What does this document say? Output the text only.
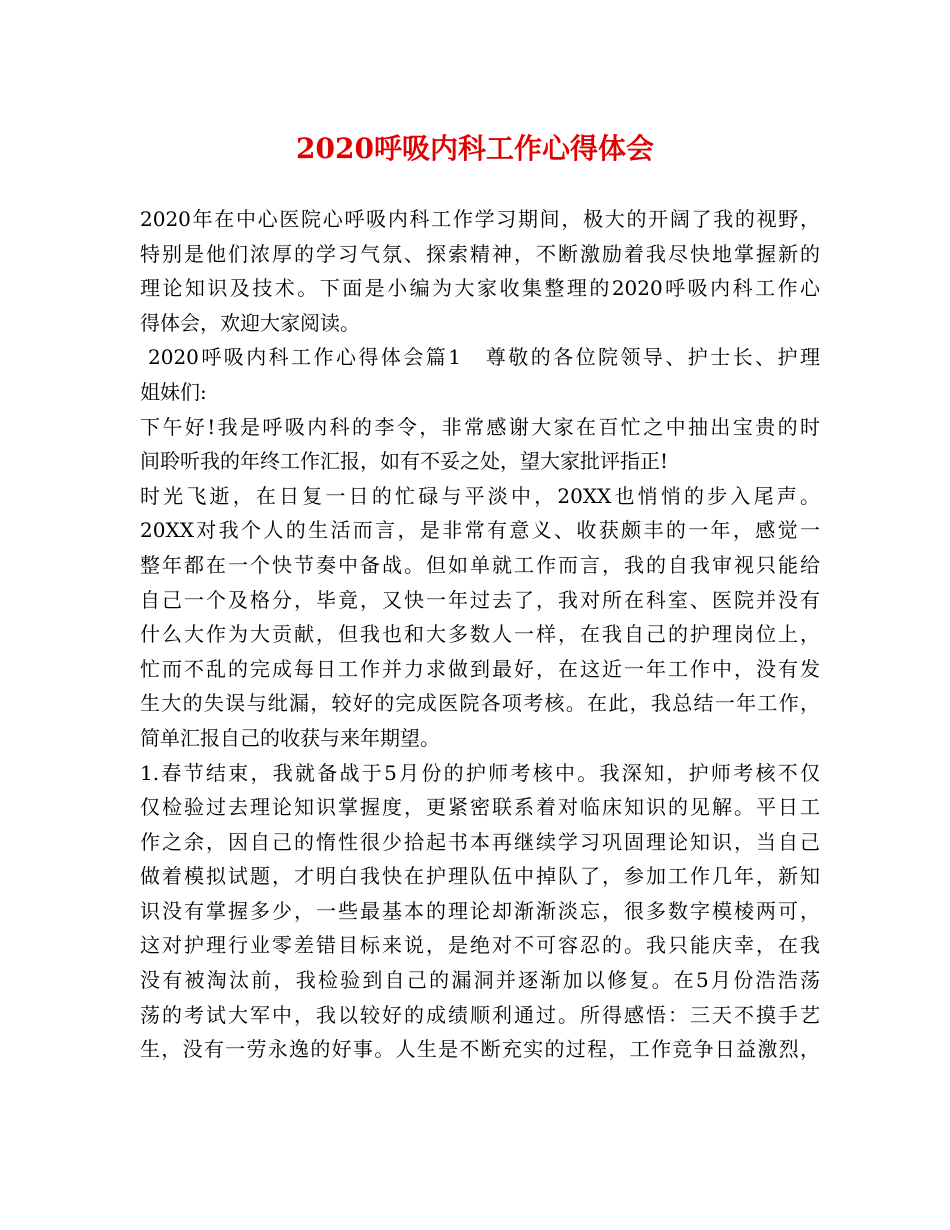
2020呼吸内科工作心得体会
2020年在中心医院心呼吸内科工作学习期间，极大的开阔了我的视野，
特别是他们浓厚的学习气氛、探索精神，不断激励着我尽快地掌握新的
理论知识及技术。下面是小编为大家收集整理的2020呼吸内科工作心
得体会，欢迎大家阅读。
2020呼吸内科工作心得体会篇1　尊敬的各位院领导、护士长、护理
姐妹们:
下午好!我是呼吸内科的李令，非常感谢大家在百忙之中抽出宝贵的时
间聆听我的年终工作汇报，如有不妥之处，望大家批评指正!
时光飞逝，在日复一日的忙碌与平淡中，20XX也悄悄的步入尾声。
20XX对我个人的生活而言，是非常有意义、收获颇丰的一年，感觉一
整年都在一个快节奏中备战。但如单就工作而言，我的自我审视只能给
自己一个及格分，毕竟，又快一年过去了，我对所在科室、医院并没有
什么大作为大贡献，但我也和大多数人一样，在我自己的护理岗位上，
忙而不乱的完成每日工作并力求做到最好，在这近一年工作中，没有发
生大的失误与纰漏，较好的完成医院各项考核。在此，我总结一年工作，
简单汇报自己的收获与来年期望。
1.春节结束，我就备战于5月份的护师考核中。我深知，护师考核不仅
仅检验过去理论知识掌握度，更紧密联系着对临床知识的见解。平日工
作之余，因自己的惰性很少拾起书本再继续学习巩固理论知识，当自己
做着模拟试题，才明白我快在护理队伍中掉队了，参加工作几年，新知
识没有掌握多少，一些最基本的理论却渐渐淡忘，很多数字模棱两可，
这对护理行业零差错目标来说，是绝对不可容忍的。我只能庆幸，在我
没有被淘汰前，我检验到自己的漏洞并逐渐加以修复。在5月份浩浩荡
荡的考试大军中，我以较好的成绩顺利通过。所得感悟：三天不摸手艺
生，没有一劳永逸的好事。人生是不断充实的过程，工作竞争日益激烈，
